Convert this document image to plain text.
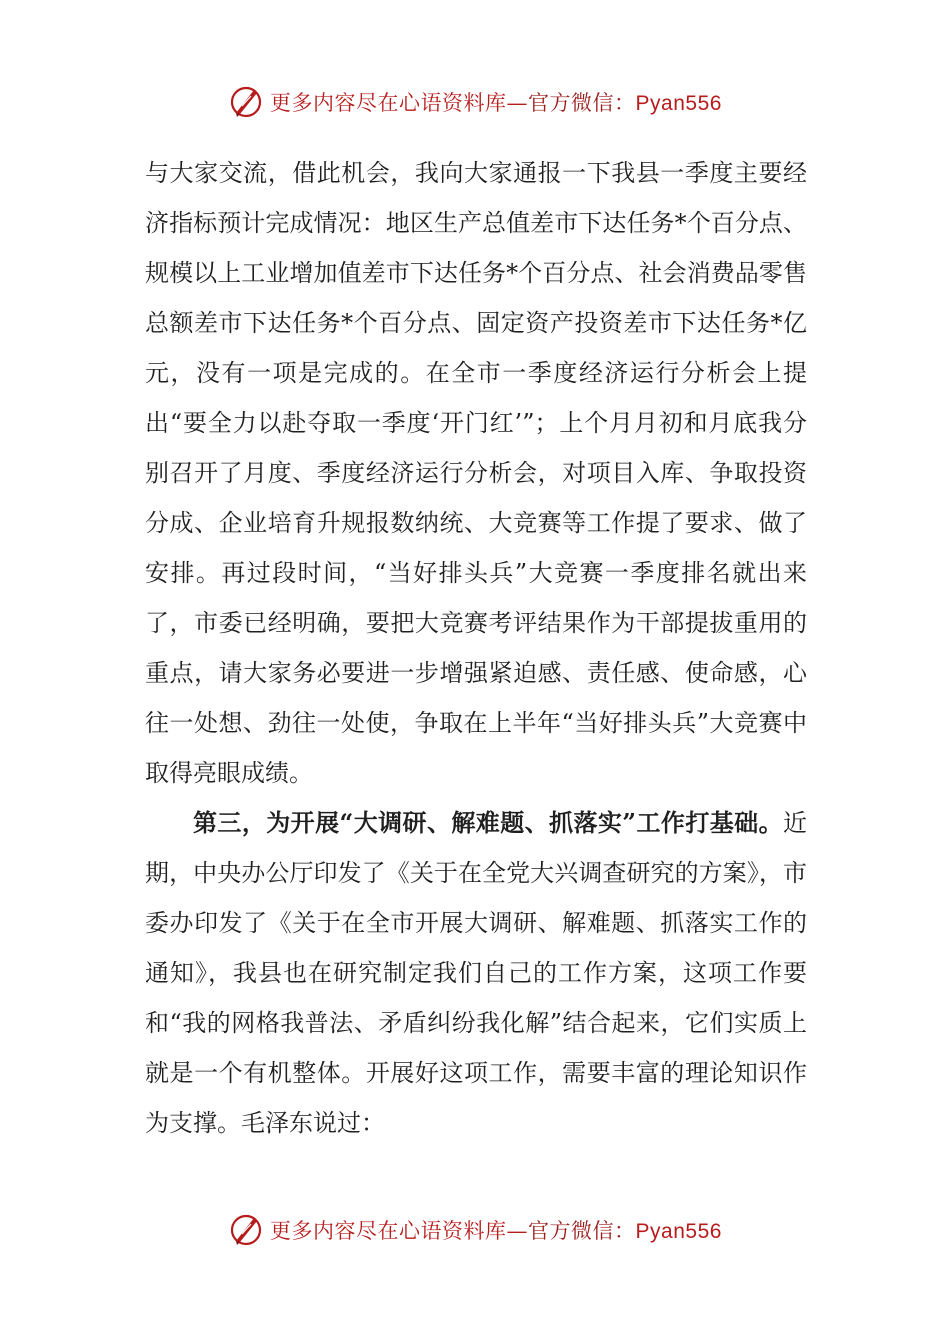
更多内容尽在心语资料库—官方微信：Pyan556

与大家交流，借此机会，我向大家通报一下我县一季度主要经济指标预计完成情况：地区生产总值差市下达任务*个百分点、规模以上工业增加值差市下达任务*个百分点、社会消费品零售总额差市下达任务*个百分点、固定资产投资差市下达任务*亿元，没有一项是完成的。在全市一季度经济运行分析会上提出“要全力以赴夺取一季度‘开门红’”；上个月月初和月底我分别召开了月度、季度经济运行分析会，对项目入库、争取投资分成、企业培育升规报数纳统、大竞赛等工作提了要求、做了安排。再过段时间，“当好排头兵”大竞赛一季度排名就出来了，市委已经明确，要把大竞赛考评结果作为干部提拔重用的重点，请大家务必要进一步增强紧迫感、责任感、使命感，心往一处想、劲往一处使，争取在上半年“当好排头兵”大竞赛中取得亮眼成绩。

第三，为开展“大调研、解难题、抓落实”工作打基础。近期，中央办公厅印发了《关于在全党大兴调查研究的方案》，市委办印发了《关于在全市开展大调研、解难题、抓落实工作的通知》，我县也在研究制定我们自己的工作方案，这项工作要和“我的网格我普法、矛盾纠纷我化解”结合起来，它们实质上就是一个有机整体。开展好这项工作，需要丰富的理论知识作为支撑。毛泽东说过：

更多内容尽在心语资料库—官方微信：Pyan556
